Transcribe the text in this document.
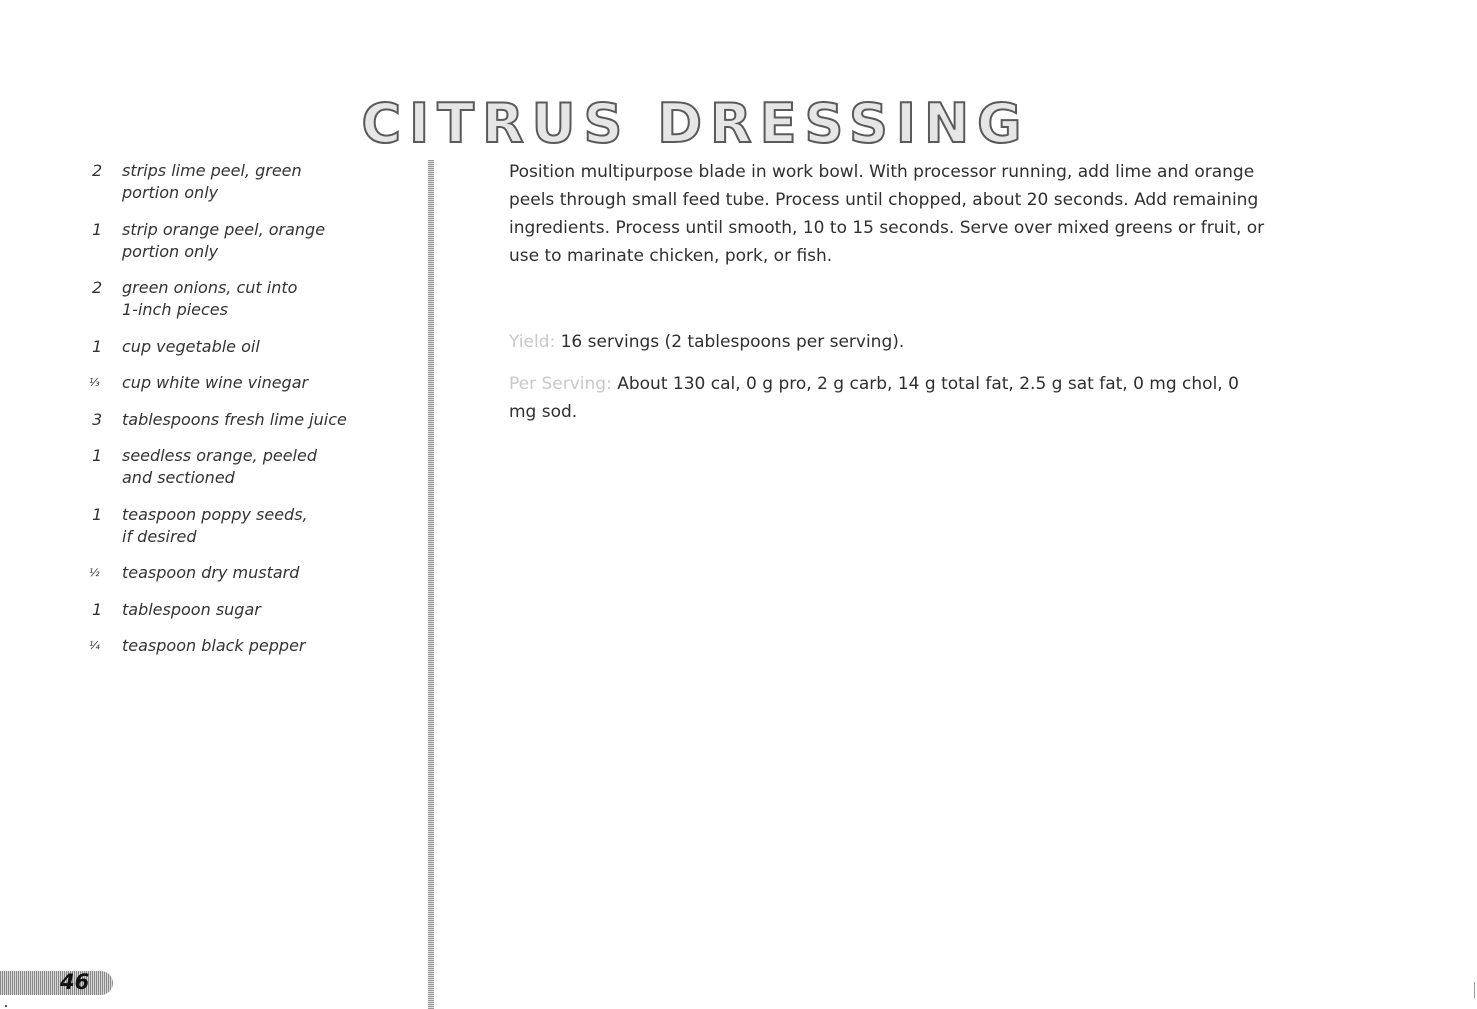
CITRUS DRESSING
2	strips lime peel, green
portion only
1	strip orange peel, orange
portion only
2	green onions, cut into
1-inch pieces
1	cup vegetable oil
⅓	cup white wine vinegar
3	tablespoons fresh lime juice
1	seedless orange, peeled
and sectioned
1	teaspoon poppy seeds,
if desired
½	teaspoon dry mustard
1	tablespoon sugar
¼	teaspoon black pepper

Position multipurpose blade in work bowl. With processor running, add lime and orange peels through small feed tube. Process until chopped, about 20 seconds. Add remaining ingredients. Process until smooth, 10 to 15 seconds. Serve over mixed greens or fruit, or use to marinate chicken, pork, or fish.

Yield: 16 servings (2 tablespoons per serving).

Per Serving: About 130 cal, 0 g pro, 2 g carb, 14 g total fat, 2.5 g sat fat, 0 mg chol, 0 mg sod.

46
